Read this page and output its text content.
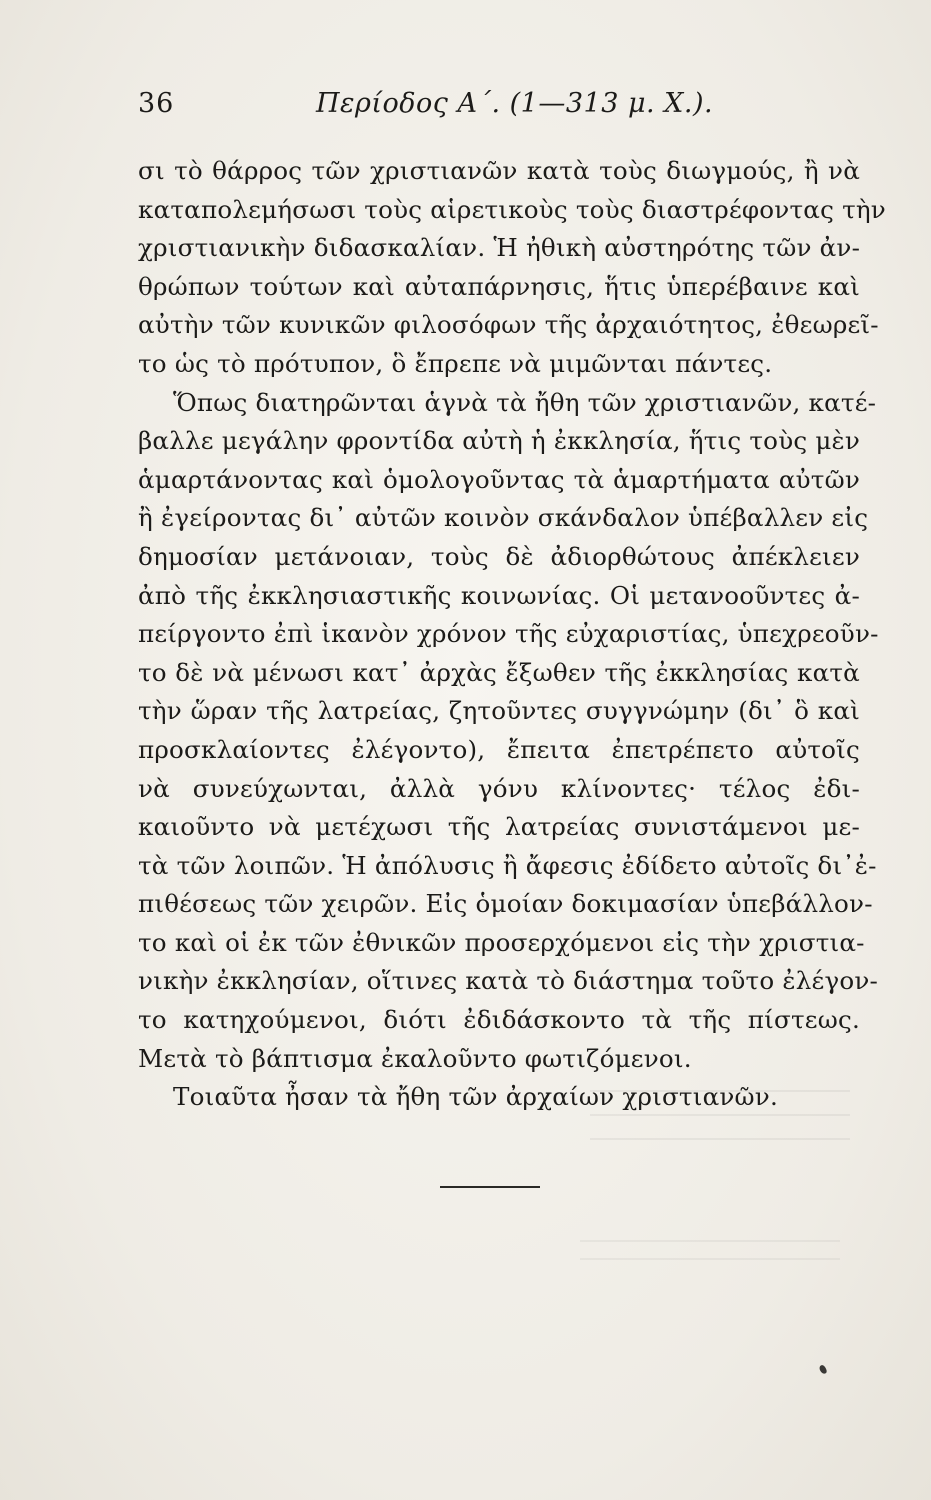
36	Περίοδος Α΄. (1—313 μ. Χ.).
σι τὸ θάρρος τῶν χριστιανῶν κατὰ τοὺς διωγμούς, ἢ νὰ
καταπολεμήσωσι τοὺς αἱρετικοὺς τοὺς διαστρέφοντας τὴν
χριστιανικὴν διδασκαλίαν. Ἡ ἠθικὴ αὐστηρότης τῶν ἀν-
θρώπων τούτων καὶ αὐταπάρνησις, ἥτις ὑπερέβαινε καὶ
αὐτὴν τῶν κυνικῶν φιλοσόφων τῆς ἀρχαιότητος, ἐθεωρεῖ-
το ὡς τὸ πρότυπον, ὃ ἔπρεπε νὰ μιμῶνται πάντες.
Ὅπως διατηρῶνται ἁγνὰ τὰ ἤθη τῶν χριστιανῶν, κατέ-
βαλλε μεγάλην φροντίδα αὐτὴ ἡ ἐκκλησία, ἥτις τοὺς μὲν
ἁμαρτάνοντας καὶ ὁμολογοῦντας τὰ ἁμαρτήματα αὐτῶν
ἢ ἐγείροντας δι᾽ αὐτῶν κοινὸν σκάνδαλον ὑπέβαλλεν εἰς
δημοσίαν μετάνοιαν, τοὺς δὲ ἀδιορθώτους ἀπέκλειεν
ἀπὸ τῆς ἐκκλησιαστικῆς κοινωνίας. Οἱ μετανοοῦντες ἀ-
πείργοντο ἐπὶ ἱκανὸν χρόνον τῆς εὐχαριστίας, ὑπεχρεοῦν-
το δὲ νὰ μένωσι κατ᾽ ἀρχὰς ἔξωθεν τῆς ἐκκλησίας κατὰ
τὴν ὥραν τῆς λατρείας, ζητοῦντες συγγνώμην (δι᾽ ὃ καὶ
προσκλαίοντες ἐλέγοντο), ἔπειτα ἐπετρέπετο αὐτοῖς
νὰ συνεύχωνται, ἀλλὰ γόνυ κλίνοντες· τέλος ἐδι-
καιοῦντο νὰ μετέχωσι τῆς λατρείας συνιστάμενοι με-
τὰ τῶν λοιπῶν. Ἡ ἀπόλυσις ἢ ἄφεσις ἐδίδετο αὐτοῖς δι᾽ἐ-
πιθέσεως τῶν χειρῶν. Εἰς ὁμοίαν δοκιμασίαν ὑπεβάλλον-
το καὶ οἱ ἐκ τῶν ἐθνικῶν προσερχόμενοι εἰς τὴν χριστια-
νικὴν ἐκκλησίαν, οἵτινες κατὰ τὸ διάστημα τοῦτο ἐλέγον-
το κατηχούμενοι, διότι ἐδιδάσκοντο τὰ τῆς πίστεως.
Μετὰ τὸ βάπτισμα ἐκαλοῦντο φωτιζόμενοι.
Τοιαῦτα ἦσαν τὰ ἤθη τῶν ἀρχαίων χριστιανῶν.
